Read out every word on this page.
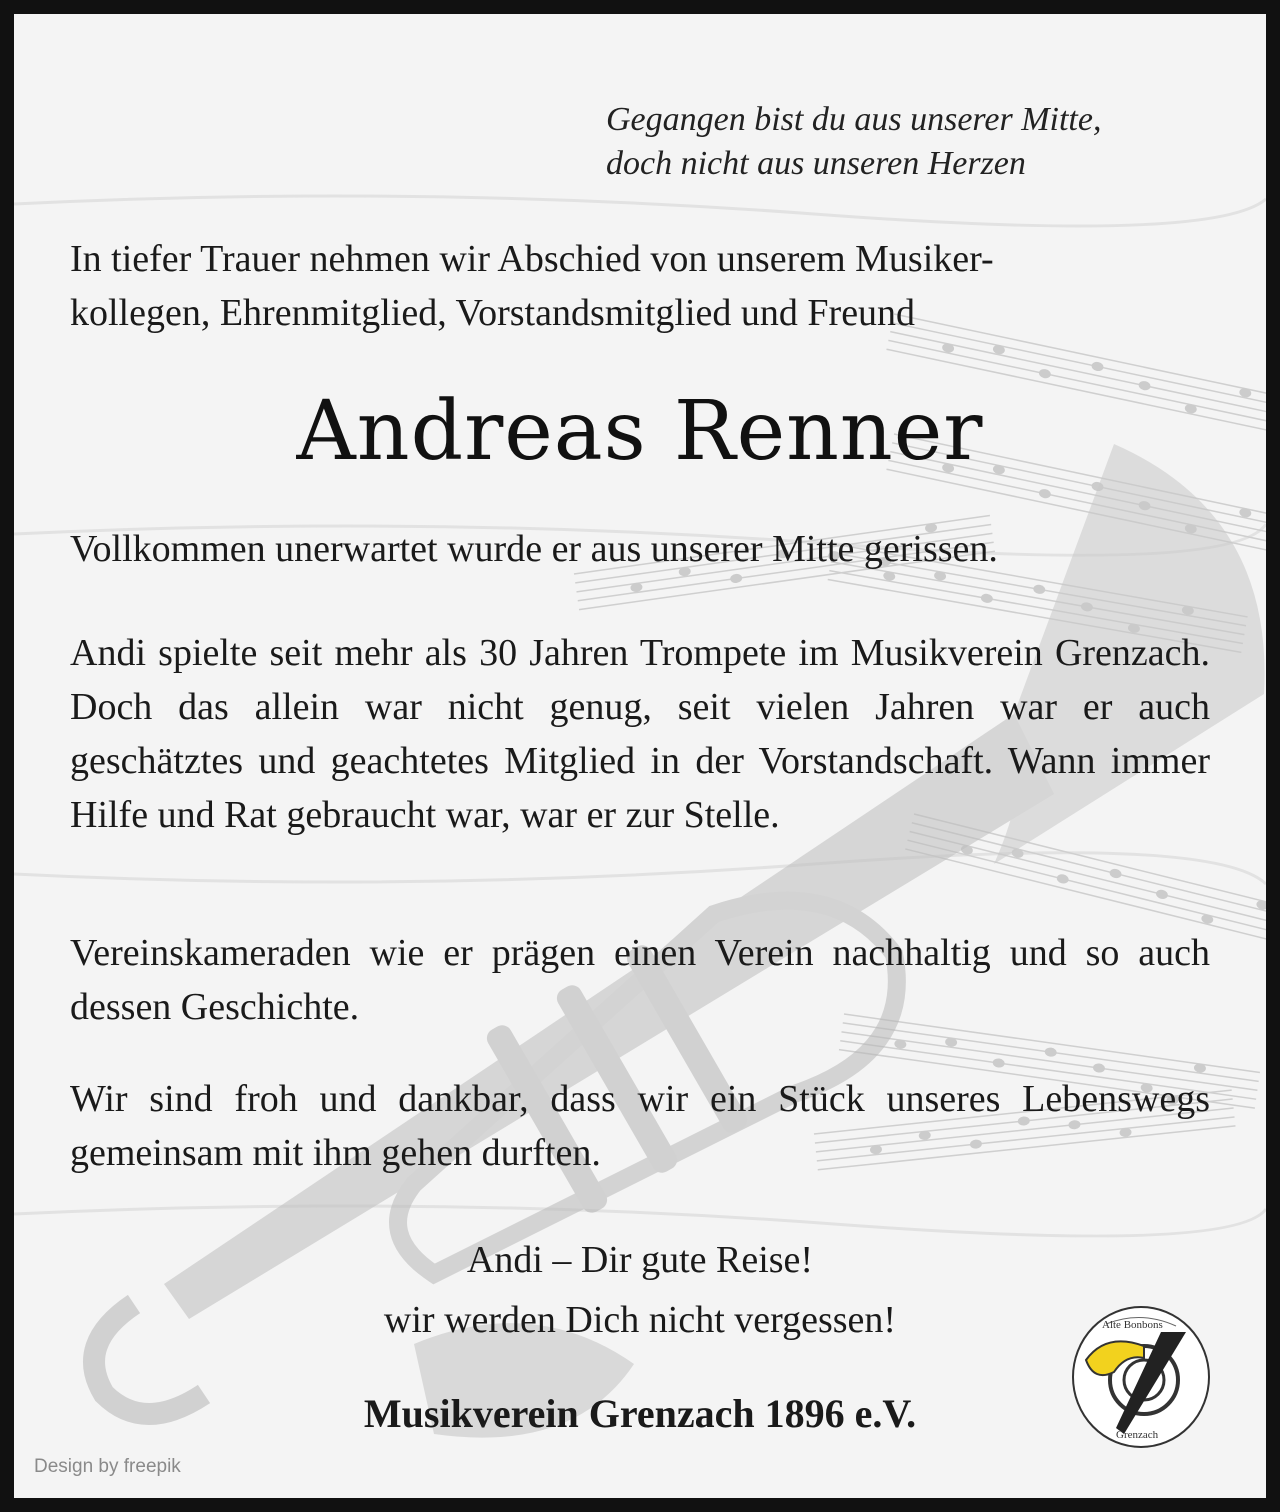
Gegangen bist du aus unserer Mitte,
doch nicht aus unseren Herzen
In tiefer Trauer nehmen wir Abschied von unserem Musiker-
kollegen, Ehrenmitglied, Vorstandsmitglied und Freund
Andreas Renner
Vollkommen unerwartet wurde er aus unserer Mitte gerissen.
Andi spielte seit mehr als 30 Jahren Trompete im Musikverein Grenzach. Doch das allein war nicht genug, seit vielen Jahren war er auch geschätztes und geachtetes Mitglied in der Vorstandschaft. Wann immer Hilfe und Rat gebraucht war, war er zur Stelle.
Vereinskameraden wie er prägen einen Verein nachhaltig und so auch dessen Geschichte.
Wir sind froh und dankbar, dass wir ein Stück unseres Lebenswegs gemeinsam mit ihm gehen durften.
Andi – Dir gute Reise!
wir werden Dich nicht vergessen!
Musikverein Grenzach 1896 e.V.
Design by freepik
Alte Bonbons
Grenzach
